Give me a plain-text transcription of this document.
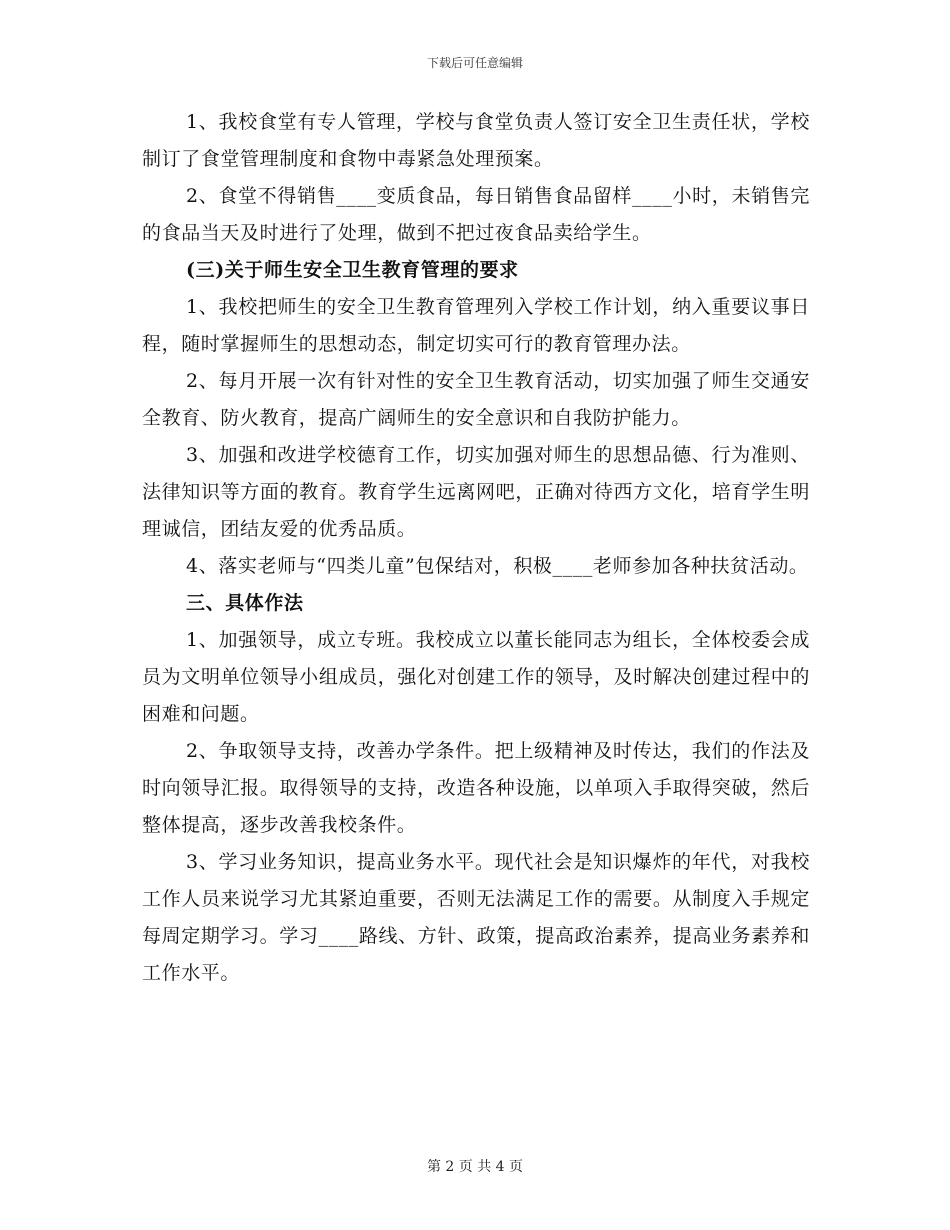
下载后可任意编辑

1、我校食堂有专人管理，学校与食堂负责人签订安全卫生责任状，学校制订了食堂管理制度和食物中毒紧急处理预案。

2、食堂不得销售____变质食品，每日销售食品留样____小时，未销售完的食品当天及时进行了处理，做到不把过夜食品卖给学生。

(三)关于师生安全卫生教育管理的要求

1、我校把师生的安全卫生教育管理列入学校工作计划，纳入重要议事日程，随时掌握师生的思想动态，制定切实可行的教育管理办法。

2、每月开展一次有针对性的安全卫生教育活动，切实加强了师生交通安全教育、防火教育，提高广阔师生的安全意识和自我防护能力。

3、加强和改进学校德育工作，切实加强对师生的思想品德、行为准则、法律知识等方面的教育。教育学生远离网吧，正确对待西方文化，培育学生明理诚信，团结友爱的优秀品质。

4、落实老师与“四类儿童”包保结对，积极____老师参加各种扶贫活动。

三、具体作法

1、加强领导，成立专班。我校成立以董长能同志为组长，全体校委会成员为文明单位领导小组成员，强化对创建工作的领导，及时解决创建过程中的困难和问题。

2、争取领导支持，改善办学条件。把上级精神及时传达，我们的作法及时向领导汇报。取得领导的支持，改造各种设施，以单项入手取得突破，然后整体提高，逐步改善我校条件。

3、学习业务知识，提高业务水平。现代社会是知识爆炸的年代，对我校工作人员来说学习尤其紧迫重要，否则无法满足工作的需要。从制度入手规定每周定期学习。学习____路线、方针、政策，提高政治素养，提高业务素养和工作水平。

第 2 页 共 4 页
